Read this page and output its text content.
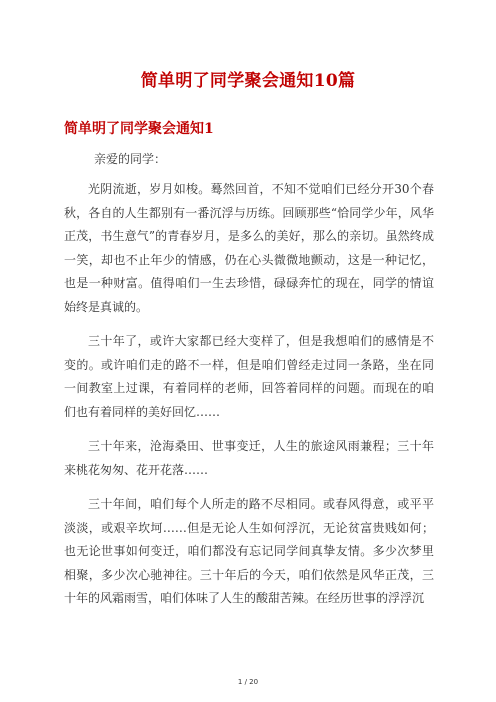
简单明了同学聚会通知10篇
简单明了同学聚会通知1
亲爱的同学：

光阴流逝，岁月如梭。蓦然回首，不知不觉咱们已经分开30个春秋，各自的人生都别有一番沉浮与历练。回顾那些“恰同学少年，风华正茂，书生意气”的青春岁月，是多么的美好，那么的亲切。虽然终成一笑，却也不止年少的情感，仍在心头微微地颤动，这是一种记忆，也是一种财富。值得咱们一生去珍惜，碌碌奔忙的现在，同学的情谊始终是真诚的。

三十年了，或许大家都已经大变样了，但是我想咱们的感情是不变的。或许咱们走的路不一样，但是咱们曾经走过同一条路，坐在同一间教室上过课，有着同样的老师，回答着同样的问题。而现在的咱们也有着同样的美好回忆……

三十年来，沧海桑田、世事变迁，人生的旅途风雨兼程；三十年来桃花匆匆、花开花落……

三十年间，咱们每个人所走的路不尽相同。或春风得意，或平平淡淡，或艰辛坎坷……但是无论人生如何浮沉，无论贫富贵贱如何；也无论世事如何变迁，咱们都没有忘记同学间真挚友情。多少次梦里相聚，多少次心驰神往。三十年后的今天，咱们依然是风华正茂，三十年的风霜雨雪，咱们体味了人生的酸甜苦辣。在经历世事的浮浮沉

1 / 20
